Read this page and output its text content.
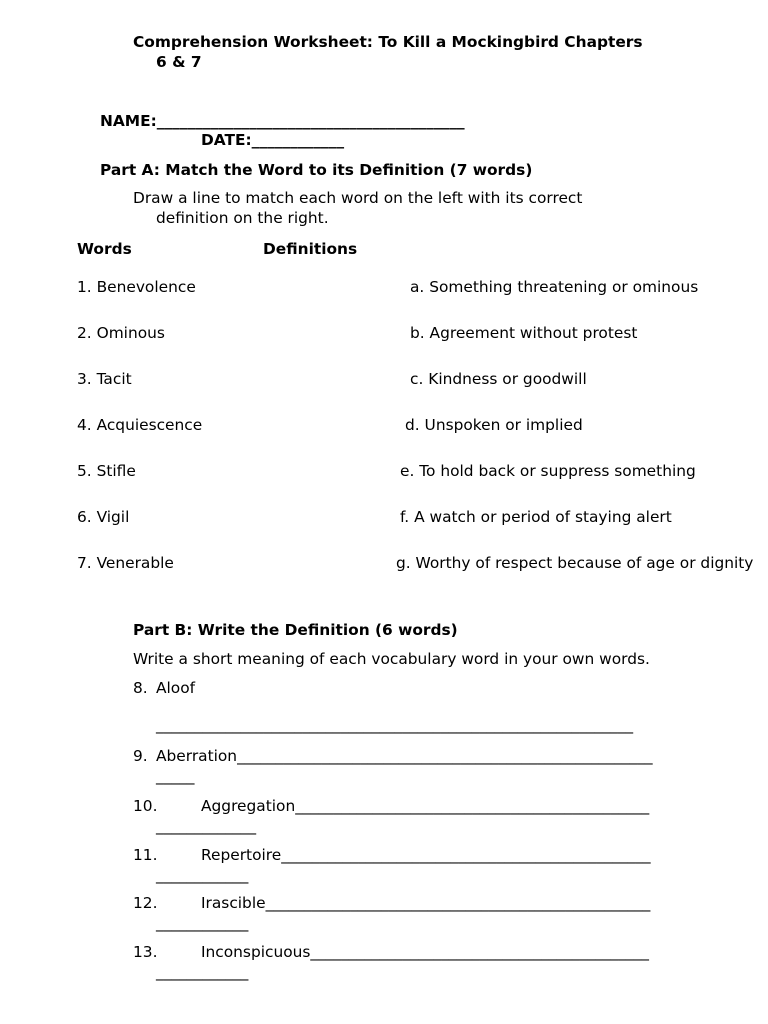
Comprehension Worksheet: To Kill a Mockingbird Chapters
6 & 7
NAME:________________________________________
DATE:____________
Part A: Match the Word to its Definition (7 words)
Draw a line to match each word on the left with its correct
definition on the right.
Words	Definitions
1. Benevolence	a. Something threatening or ominous
2. Ominous	b. Agreement without protest
3. Tacit	c. Kindness or goodwill
4. Acquiescence	d. Unspoken or implied
5. Stifle	e. To hold back or suppress something
6. Vigil	f. A watch or period of staying alert
7. Venerable	g. Worthy of respect because of age or dignity
Part B: Write the Definition (6 words)
Write a short meaning of each vocabulary word in your own words.
8. Aloof
______________________________________________________________
9. Aberration______________________________________________________
_____
10.	Aggregation______________________________________________
_____________
11.	Repertoire________________________________________________
____________
12.	Irascible__________________________________________________
____________
13.	Inconspicuous____________________________________________
____________
